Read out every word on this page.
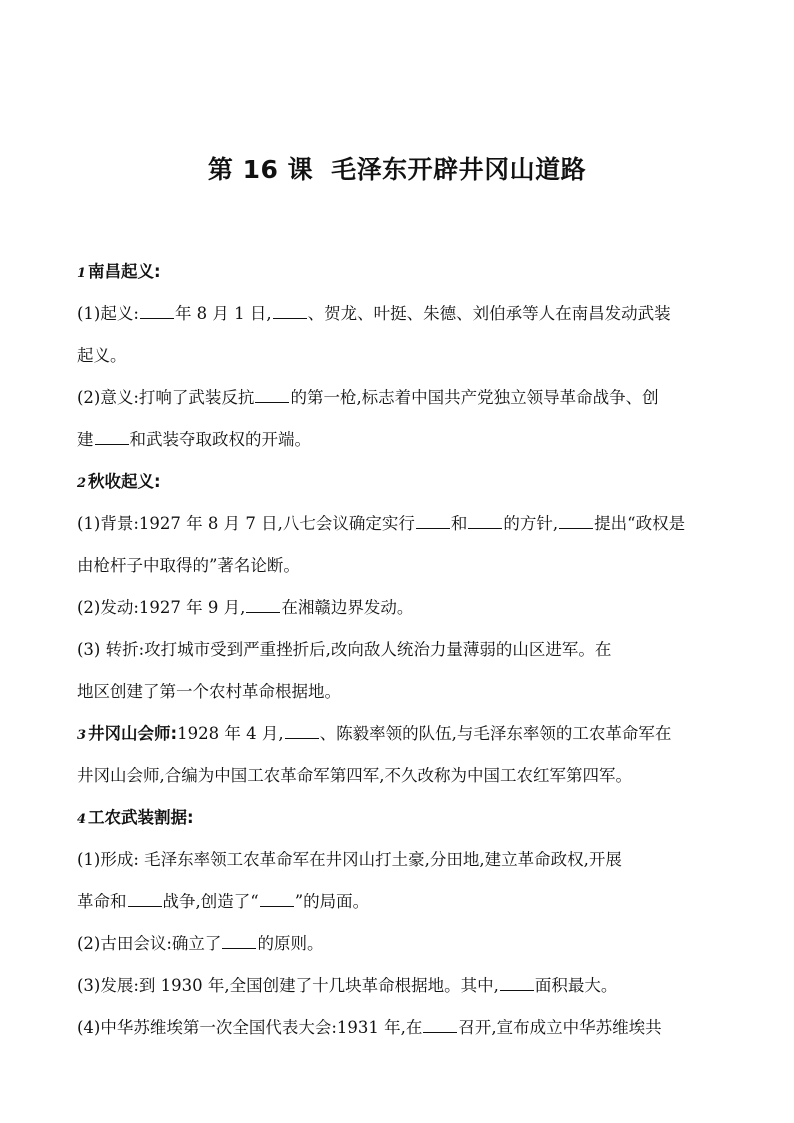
第 16 课 毛泽东开辟井冈山道路
1 南昌起义:
(1)起义: 年 8 月 1 日, 、贺龙、叶挺、朱德、刘伯承等人在南昌发动武装
起义。
(2)意义:打响了武装反抗 的第一枪,标志着中国共产党独立领导革命战争、创
建 和武装夺取政权的开端。
2 秋收起义:
(1)背景:1927 年 8 月 7 日,八七会议确定实行 和 的方针, 提出“政权是
由枪杆子中取得的”著名论断。
(2)发动:1927 年 9 月, 在湘赣边界发动。
(3) 转折:攻打城市受到严重挫折后,改向敌人统治力量薄弱的山区进军。在
地区创建了第一个农村革命根据地。
3 井冈山会师:1928 年 4 月, 、陈毅率领的队伍,与毛泽东率领的工农革命军在
井冈山会师,合编为中国工农革命军第四军,不久改称为中国工农红军第四军。
4 工农武装割据:
(1)形成: 毛泽东率领工农革命军在井冈山打土豪,分田地,建立革命政权,开展
革命和 战争,创造了“ ”的局面。
(2)古田会议:确立了 的原则。
(3)发展:到 1930 年,全国创建了十几块革命根据地。其中, 面积最大。
(4)中华苏维埃第一次全国代表大会:1931 年,在 召开,宣布成立中华苏维埃共
